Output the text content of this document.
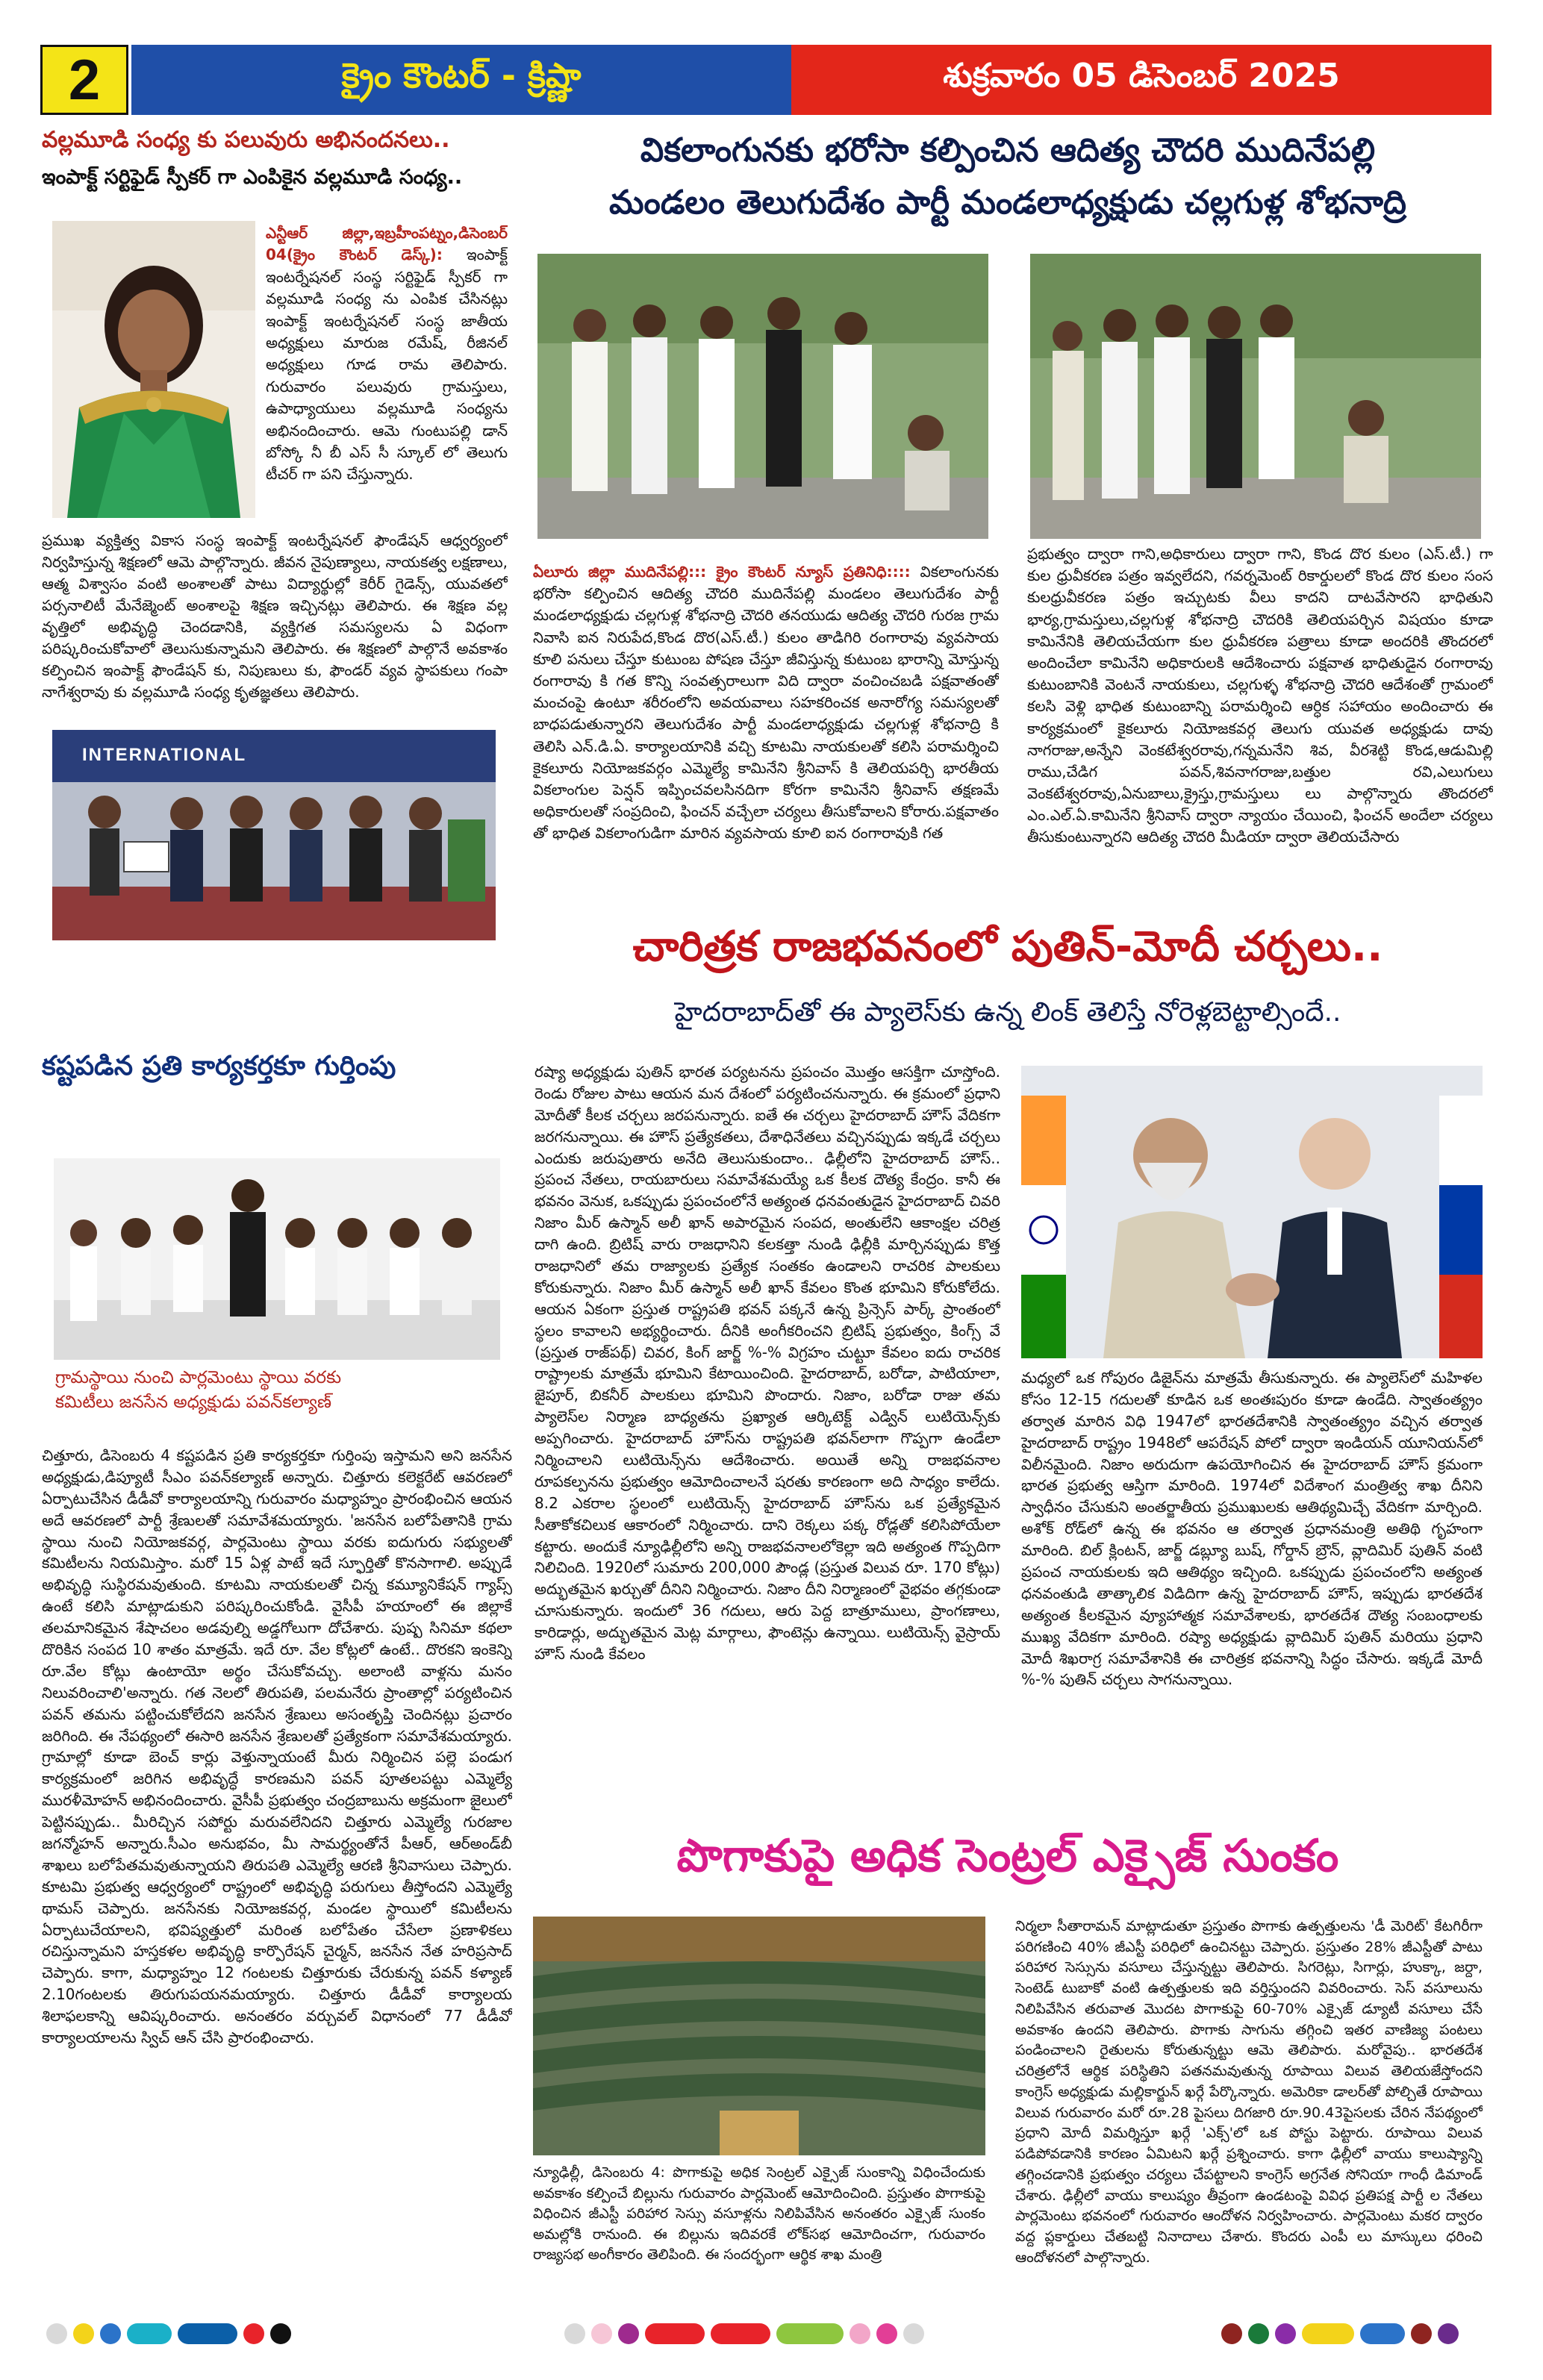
2	క్రైం కౌంటర్ - క్రిష్ణా	శుక్రవారం 05 డిసెంబర్ 2025
వల్లమూడి సంధ్య కు పలువురు అభినందనలు..
ఇంపాక్ట్ సర్టిఫైడ్ స్పీకర్ గా ఎంపికైన వల్లమూడి సంధ్య..
ఎన్టీఆర్ జిల్లా,ఇబ్రహీంపట్నం,డిసెంబర్ 04(క్రైం కౌంటర్ డెస్క్): ఇంపాక్ట్ ఇంటర్నేషనల్ సంస్థ సర్టిఫైడ్ స్పీకర్ గా వల్లమూడి సంధ్య ను ఎంపిక చేసినట్లు ఇంపాక్ట్ ఇంటర్నేషనల్ సంస్థ జాతీయ అధ్యక్షులు మారుజ రమేష్, రీజినల్ అధ్యక్షులు గూడ రామ తెలిపారు. గురువారం పలువురు గ్రామస్తులు, ఉపాధ్యాయులు వల్లమూడి సంధ్యను అభినందించారు. ఆమె గుంటుపల్లి డాన్ బోస్కో నీ బీ ఎస్ సీ స్కూల్ లో తెలుగు టీచర్ గా పని చేస్తున్నారు.
ప్రముఖ వ్యక్తిత్వ వికాస సంస్థ ఇంపాక్ట్ ఇంటర్నేషనల్ ఫౌండేషన్ ఆధ్వర్యంలో నిర్వహిస్తున్న శిక్షణలో ఆమె పాల్గొన్నారు. జీవన నైపుణ్యాలు, నాయకత్వ లక్షణాలు, ఆత్మ విశ్వాసం వంటి అంశాలతో పాటు విద్యార్థుల్లో కెరీర్ గైడెన్స్, యువతలో పర్సనాలిటీ మేనేజ్మెంట్ అంశాలపై శిక్షణ ఇచ్చినట్లు తెలిపారు. ఈ శిక్షణ వల్ల వృత్తిలో అభివృద్ధి చెందడానికి, వ్యక్తిగత సమస్యలను ఏ విధంగా పరిష్కరించుకోవాలో తెలుసుకున్నామని తెలిపారు. ఈ శిక్షణలో పాల్గొనే అవకాశం కల్పించిన ఇంపాక్ట్ ఫౌండేషన్ కు, నిపుణులు కు, ఫౌండర్ వ్యవ స్థాపకులు గంపా నాగేశ్వరావు కు వల్లమూడి సంధ్య కృతజ్ఞతలు తెలిపారు.
INTERNATIONAL
వికలాంగునకు భరోసా కల్పించిన ఆదిత్య చౌదరి ముదినేపల్లి
మండలం తెలుగుదేశం పార్టీ మండలాధ్యక్షుడు చల్లగుళ్ల శోభనాద్రి
ఏలూరు జిల్లా ముదినేపల్లి::: క్రైం కౌంటర్ న్యూస్ ప్రతినిధి:::: వికలాంగునకు భరోసా కల్పించిన ఆదిత్య చౌదరి ముదినేపల్లి మండలం తెలుగుదేశం పార్టీ మండలాధ్యక్షుడు చల్లగుళ్ల శోభనాద్రి చౌదరి తనయుడు ఆదిత్య చౌదరి గురజ గ్రామ నివాసి ఐన నిరుపేద,కొండ దొర(ఎస్.టీ.) కులం తాడిగిరి రంగారావు వ్యవసాయ కూలి పనులు చేస్తూ కుటుంబ పోషణ చేస్తూ జీవిస్తున్న కుటుంబ భారాన్ని మోస్తున్న రంగారావు కి గత కొన్ని సంవత్సరాలుగా విది ద్వారా వంచించబడి పక్షవాతంతో మంచంపై ఉంటూ శరీరంలోని అవయవాలు సహకరించక అనారోగ్య సమస్యలతో బాధపడుతున్నారని తెలుగుదేశం పార్టీ మండలాధ్యక్షుడు చల్లగుళ్ల శోభనాద్రి కి తెలిసి ఎన్.డి.ఏ. కార్యాలయానికి వచ్చి కూటమి నాయకులతో కలిసి పరామర్శించి కైకలూరు నియోజకవర్గం ఎమ్మెల్యే కామినేని శ్రీనివాస్ కి తెలియపర్చి భారతీయ వికలాంగుల పెన్షన్ ఇప్పించవలసినదిగా కోరగా కామినేని శ్రీనివాస్ తక్షణమే అధికారులతో సంప్రదించి, ఫించన్ వచ్చేలా చర్యలు తీసుకోవాలని కోరారు.పక్షవాతం తో భాధిత వికలాంగుడిగా మారిన వ్యవసాయ కూలి ఐన రంగారావుకి గత
ప్రభుత్వం ద్వారా గాని,అధికారులు ద్వారా గాని, కొండ దొర కులం (ఎస్.టీ.) గా కుల ధ్రువీకరణ పత్రం ఇవ్వలేదని, గవర్నమెంట్ రికార్డులలో కొండ దొర కులం సంస కులధ్రువీకరణ పత్రం ఇచ్చుటకు వీలు కాదని దాటవేసారని భాధితుని భార్య,గ్రామస్తులు,చల్లగుళ్ల శోభనాద్రి చౌదరికి తెలియపర్చిన విషయం కూడా కామినేనికి తెలియచేయగా కుల ధ్రువీకరణ పత్రాలు కూడా అందరికి తొందరలో అందించేలా కామినేని అధికారులకి ఆదేశించారు పక్షవాత భాధితుడైన రంగారావు కుటుంబానికి వెంటనే నాయకులు, చల్లగుళ్ళ శోభనాద్రి చౌదరి ఆదేశంతో గ్రామంలో కలసి వెళ్లి భాధిత కుటుంబాన్ని పరామర్శించి ఆర్ధిక సహాయం అందించారు ఈ కార్యక్రమంలో కైకలూరు నియోజకవర్గ తెలుగు యువత అధ్యక్షుడు దావు నాగరాజు,అన్నేని వెంకటేశ్వరరావు,గన్నమనేని శివ, వీరశెట్టి కొండ,ఆడుమిల్లి రాము,చేడిగ పవన్,శివనాగరాజు,బత్తుల రవి,ఎలుగులు వెంకటేశ్వరరావు,ఏనుబాలు,క్రైస్తు,గ్రామస్తులు లు పాల్గొన్నారు తొందరలో ఎం.ఎల్.ఏ.కామినేని శ్రీనివాస్ ద్వారా న్యాయం చేయించి, ఫించన్ అందేలా చర్యలు తీసుకుంటున్నారని ఆదిత్య చౌదరి మీడియా ద్వారా తెలియచేసారు
చారిత్రక రాజభవనంలో పుతిన్-మోదీ చర్చలు..
హైదరాబాద్‌తో ఈ ప్యాలెస్‌కు ఉన్న లింక్ తెలిస్తే నోరెళ్లబెట్టాల్సిందే..
రష్యా అధ్యక్షుడు పుతిన్ భారత పర్యటనను ప్రపంచం మొత్తం ఆసక్తిగా చూస్తోంది. రెండు రోజుల పాటు ఆయన మన దేశంలో పర్యటించనున్నారు. ఈ క్రమంలో ప్రధాని మోదీతో కీలక చర్చలు జరపనున్నారు. ఐతే ఈ చర్చలు హైదరాబాద్ హౌస్ వేదికగా జరగనున్నాయి. ఈ హౌస్ ప్రత్యేకతలు, దేశాధినేతలు వచ్చినప్పుడు ఇక్కడే చర్చలు ఎందుకు జరుపుతారు అనేది తెలుసుకుందాం.. ఢిల్లీలోని హైదరాబాద్ హౌస్.. ప్రపంచ నేతలు, రాయబారులు సమావేశమయ్యే ఒక కీలక దౌత్య కేంద్రం. కానీ ఈ భవనం వెనుక, ఒకప్పుడు ప్రపంచంలోనే అత్యంత ధనవంతుడైన హైదరాబాద్ చివరి నిజాం మీర్ ఉస్మాన్ అలీ ఖాన్ అపారమైన సంపద, అంతులేని ఆకాంక్షల చరిత్ర దాగి ఉంది. బ్రిటిష్ వారు రాజధానిని కలకత్తా నుండి ఢిల్లీకి మార్చినప్పుడు కొత్త రాజధానిలో తమ రాజ్యాలకు ప్రత్యేక సంతకం ఉండాలని రాచరిక పాలకులు కోరుకున్నారు. నిజాం మీర్ ఉస్మాన్ అలీ ఖాన్ కేవలం కొంత భూమిని కోరుకోలేదు. ఆయన ఏకంగా ప్రస్తుత రాష్ట్రపతి భవన్ పక్కనే ఉన్న ప్రిన్సెస్ పార్క్ ప్రాంతంలో స్థలం కావాలని అభ్యర్థించారు. దీనికి అంగీకరించని బ్రిటిష్ ప్రభుత్వం, కింగ్స్ వే (ప్రస్తుత రాజ్‌పథ్) చివర, కింగ్ జార్జ్ %-% విగ్రహం చుట్టూ కేవలం ఐదు రాచరిక రాష్ట్రాలకు మాత్రమే భూమిని కేటాయించింది. హైదరాబాద్, బరోడా, పాటియాలా, జైపూర్, బికనీర్ పాలకులు భూమిని పొందారు. నిజాం, బరోడా రాజు తమ ప్యాలెస్‌ల నిర్మాణ బాధ్యతను ప్రఖ్యాత ఆర్కిటెక్ట్ ఎడ్విన్ లుటియెన్స్‌కు అప్పగించారు. హైదరాబాద్ హౌస్‌ను రాష్ట్రపతి భవన్‌లాగా గొప్పగా ఉండేలా నిర్మించాలని లుటియెన్స్‌ను ఆదేశించారు. అయితే అన్ని రాజభవనాల రూపకల్పనను ప్రభుత్వం ఆమోదించాలనే షరతు కారణంగా అది సాధ్యం కాలేదు. 8.2 ఎకరాల స్థలంలో లుటియెన్స్ హైదరాబాద్ హౌస్‌ను ఒక ప్రత్యేకమైన సీతాకోకచిలుక ఆకారంలో నిర్మించారు. దాని రెక్కలు పక్క రోడ్లతో కలిసిపోయేలా కట్టారు. అందుకే న్యూఢిల్లీలోని అన్ని రాజభవనాలలోకెల్లా ఇది అత్యంత గొప్పదిగా నిలిచింది. 1920లో సుమారు 200,000 పౌండ్ల (ప్రస్తుత విలువ రూ. 170 కోట్లు) అద్భుతమైన ఖర్చుతో దీనిని నిర్మించారు. నిజాం దీని నిర్మాణంలో వైభవం తగ్గకుండా చూసుకున్నారు. ఇందులో 36 గదులు, ఆరు పెద్ద బాత్రూములు, ప్రాంగణాలు, కారిడార్లు, అద్భుతమైన మెట్ల మార్గాలు, ఫౌంటెన్లు ఉన్నాయి. లుటియెన్స్ వైస్రాయ్ హౌస్ నుండి కేవలం
మధ్యలో ఒక గోపురం డిజైన్‌ను మాత్రమే తీసుకున్నారు. ఈ ప్యాలెస్‌లో మహిళల కోసం 12-15 గదులతో కూడిన ఒక అంతఃపురం కూడా ఉండేది. స్వాతంత్య్రం తర్వాత మారిన విధి 1947లో భారతదేశానికి స్వాతంత్య్రం వచ్చిన తర్వాత హైదరాబాద్ రాష్ట్రం 1948లో ఆపరేషన్ పోలో ద్వారా ఇండియన్ యూనియన్‌లో విలీనమైంది. నిజాం అరుదుగా ఉపయోగించిన ఈ హైదరాబాద్ హౌస్ క్రమంగా భారత ప్రభుత్వ ఆస్తిగా మారింది. 1974లో విదేశాంగ మంత్రిత్వ శాఖ దీనిని స్వాధీనం చేసుకుని అంతర్జాతీయ ప్రముఖులకు ఆతిథ్యమిచ్చే వేదికగా మార్చింది. అశోక్ రోడ్‌లో ఉన్న ఈ భవనం ఆ తర్వాత ప్రధానమంత్రి అతిథి గృహంగా మారింది. బిల్ క్లింటన్, జార్జ్ డబ్ల్యూ బుష్, గోర్డాన్ బ్రౌన్, వ్లాదిమిర్ పుతిన్ వంటి ప్రపంచ నాయకులకు ఇది ఆతిథ్యం ఇచ్చింది. ఒకప్పుడు ప్రపంచంలోని అత్యంత ధనవంతుడి తాత్కాలిక విడిదిగా ఉన్న హైదరాబాద్ హౌస్, ఇప్పుడు భారతదేశ అత్యంత కీలకమైన వ్యూహాత్మక సమావేశాలకు, భారతదేశ దౌత్య సంబంధాలకు ముఖ్య వేదికగా మారింది. రష్యా అధ్యక్షుడు వ్లాదిమిర్ పుతిన్ మరియు ప్రధాని మోదీ శిఖరాగ్ర సమావేశానికి ఈ చారిత్రక భవనాన్ని సిద్ధం చేసారు. ఇక్కడే మోదీ %-% పుతిన్ చర్చలు సాగనున్నాయి.
కష్టపడిన ప్రతి కార్యకర్తకూ గుర్తింపు
గ్రామస్థాయి నుంచి పార్లమెంటు స్థాయి వరకు కమిటీలు జనసేన అధ్యక్షుడు పవన్‌కల్యాణ్
చిత్తూరు, డిసెంబరు 4 కష్టపడిన ప్రతి కార్యకర్తకూ గుర్తింపు ఇస్తామని అని జనసేన అధ్యక్షుడు,డిప్యూటీ సీఎం పవన్‌కల్యాణ్ అన్నారు. చిత్తూరు కలెక్టరేట్ ఆవరణలో ఏర్పాటుచేసిన డీడీవో కార్యాలయాన్ని గురువారం మధ్యాహ్నం ప్రారంభించిన ఆయన అదే ఆవరణలో పార్టీ శ్రేణులతో సమావేశమయ్యారు. 'జనసేన బలోపేతానికి గ్రామ స్థాయి నుంచి నియోజకవర్గ, పార్లమెంటు స్థాయి వరకు ఐదుగురు సభ్యులతో కమిటీలను నియమిస్తాం. మరో 15 ఏళ్ల పాటే ఇదే స్ఫూర్తితో కొనసాగాలి. అప్పుడే అభివృద్ధి సుస్థిరమవుతుంది. కూటమి నాయకులతో చిన్న కమ్యూనికేషన్ గ్యాప్స్ ఉంటే కలిసి మాట్లాడుకుని పరిష్కరించుకోండి. వైసీపీ హయాంలో ఈ జిల్లాకే తలమానికమైన శేషాచలం అడవుల్ని అడ్డగోలుగా దోచేశారు. పుష్ప సినిమా కథలా దొరికిన సంపద 10 శాతం మాత్రమే. ఇదే రూ. వేల కోట్లలో ఉంటే.. దొరకని ఇంకెన్ని రూ.వేల కోట్లు ఉంటాయో అర్థం చేసుకోవచ్చు. అలాంటి వాళ్లను మనం నిలువరించాలి'అన్నారు. గత నెలలో తిరుపతి, పలమనేరు ప్రాంతాల్లో పర్యటించిన పవన్ తమను పట్టించుకోలేదని జనసేన శ్రేణులు అసంతృప్తి చెందినట్లు ప్రచారం జరిగింది. ఈ నేపథ్యంలో ఈసారి జనసేన శ్రేణులతో ప్రత్యేకంగా సమావేశమయ్యారు. గ్రామాల్లో కూడా బెంచ్ కార్లు వెళ్తున్నాయంటే మీరు నిర్మించిన పల్లె పండుగ కార్యక్రమంలో జరిగిన అభివృద్ధే కారణమని పవన్ పూతలపట్టు ఎమ్మెల్యే మురళీమోహన్ అభినందించారు. వైసీపీ ప్రభుత్వం చంద్రబాబును అక్రమంగా జైలులో పెట్టినప్పుడు.. మీరిచ్చిన సపోర్టు మరువలేనిదని చిత్తూరు ఎమ్మెల్యే గురజాల జగన్మోహన్ అన్నారు.సీఎం అనుభవం, మీ సామర్థ్యంతోనే పీఆర్, ఆర్అండ్‌బీ శాఖలు బలోపేతమవుతున్నాయని తిరుపతి ఎమ్మెల్యే ఆరణి శ్రీనివాసులు చెప్పారు. కూటమి ప్రభుత్వ ఆధ్వర్యంలో రాష్ట్రంలో అభివృద్ధి పరుగులు తీస్తోందని ఎమ్మెల్యే థామస్ చెప్పారు. జనసేనకు నియోజకవర్గ, మండల స్థాయిలో కమిటీలను ఏర్పాటుచేయాలని, భవిష్యత్తులో మరింత బలోపేతం చేసేలా ప్రణాళికలు రచిస్తున్నామని హస్తకళల అభివృద్ధి కార్పొరేషన్ చైర్మన్, జనసేన నేత హరిప్రసాద్ చెప్పారు. కాగా, మధ్యాహ్నం 12 గంటలకు చిత్తూరుకు చేరుకున్న పవన్ కళ్యాణ్ 2.10గంటలకు తిరుగుపయనమయ్యారు. చిత్తూరు డీడీవో కార్యాలయ శిలాఫలకాన్ని ఆవిష్కరించారు. అనంతరం వర్చువల్ విధానంలో 77 డీడీవో కార్యాలయాలను స్విచ్ ఆన్ చేసి ప్రారంభించారు.
పొగాకుపై అధిక సెంట్రల్ ఎక్సైజ్ సుంకం
న్యూఢిల్లీ, డిసెంబరు 4: పొగాకుపై అధిక సెంట్రల్ ఎక్సైజ్ సుంకాన్ని విధించేందుకు అవకాశం కల్పించే బిల్లును గురువారం పార్లమెంట్ ఆమోదించింది. ప్రస్తుతం పొగాకుపై విధించిన జీఎస్టీ పరిహార సెస్సు వసూళ్లను నిలిపివేసిన అనంతరం ఎక్సైజ్ సుంకం అమల్లోకి రానుంది. ఈ బిల్లును ఇదివరకే లోక్‌సభ ఆమోదించగా, గురువారం రాజ్యసభ అంగీకారం తెలిపింది. ఈ సందర్భంగా ఆర్థిక శాఖ మంత్రి
నిర్మలా సీతారామన్ మాట్లాడుతూ ప్రస్తుతం పొగాకు ఉత్పత్తులను 'డీ మెరిట్' కేటగిరీగా పరిగణించి 40% జీఎస్టీ పరిధిలో ఉంచినట్టు చెప్పారు. ప్రస్తుతం 28% జీఎస్టీతో పాటు పరిహార సెస్సును వసూలు చేస్తున్నట్టు తెలిపారు. సిగరెట్లు, సిగార్లు, హుక్కా, జర్దా, సెంటెడ్ టుబాకో వంటి ఉత్పత్తులకు ఇది వర్తిస్తుందని వివరించారు. సెస్ వసూలును నిలిపివేసిన తరువాత మొదట పొగాకుపై 60-70% ఎక్సైజ్ డ్యూటీ వసూలు చేసే అవకాశం ఉందని తెలిపారు. పొగాకు సాగును తగ్గించి ఇతర వాణిజ్య పంటలు పండించాలని రైతులను కోరుతున్నట్టు ఆమె తెలిపారు. మరోవైపు.. భారతదేశ చరిత్రలోనే ఆర్థిక పరిస్థితిని పతనమవుతున్న రూపాయి విలువ తెలియజేస్తోందని కాంగ్రెస్ అధ్యక్షుడు మల్లికార్జున్ ఖర్గే పేర్కొన్నారు. అమెరికా డాలర్‌తో పోల్చితే రూపాయి విలువ గురువారం మరో రూ.28 పైసలు దిగజారి రూ.90.43పైసలకు చేరిన నేపథ్యంలో ప్రధాని మోదీ విమర్శిస్తూ ఖర్గే 'ఎక్స్'లో ఒక పోస్టు పెట్టారు. రూపాయి విలువ పడిపోవడానికి కారణం ఏమిటని ఖర్గే ప్రశ్నించారు. కాగా ఢిల్లీలో వాయు కాలుష్యాన్ని తగ్గించడానికి ప్రభుత్వం చర్యలు చేపట్టాలని కాంగ్రెస్ అగ్రనేత సోనియా గాంధీ డిమాండ్ చేశారు. ఢిల్లీలో వాయు కాలుష్యం తీవ్రంగా ఉండటంపై వివిధ ప్రతిపక్ష పార్టీ ల నేతలు పార్లమెంటు భవనంలో గురువారం ఆందోళన నిర్వహించారు. పార్లమెంటు మకర ద్వారం వద్ద ప్లకార్డులు చేతబట్టి నినాదాలు చేశారు. కొందరు ఎంపీ లు మాస్కులు ధరించి ఆందోళనలో పాల్గొన్నారు.
